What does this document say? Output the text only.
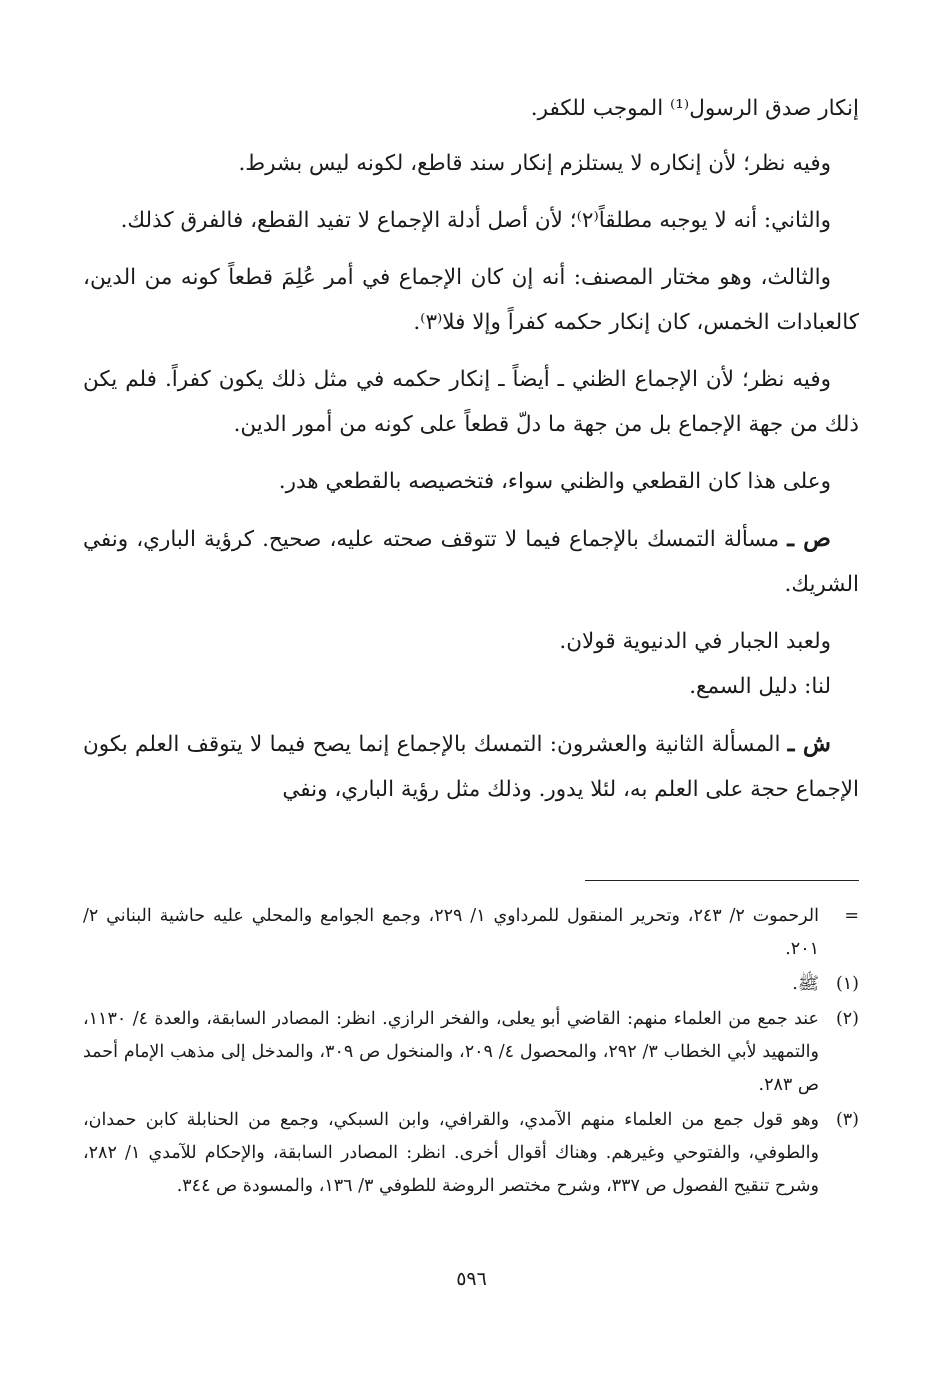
إنكار صدق الرسول⁽¹⁾ الموجب للكفر.

وفيه نظر؛ لأن إنكاره لا يستلزم إنكار سند قاطع، لكونه ليس بشرط.

والثاني: أنه لا يوجبه مطلقاً⁽٢⁾؛ لأن أصل أدلة الإجماع لا تفيد القطع، فالفرق كذلك.

والثالث، وهو مختار المصنف: أنه إن كان الإجماع في أمر عُلِمَ قطعاً كونه من الدين، كالعبادات الخمس، كان إنكار حكمه كفراً وإلا فلا⁽٣⁾.

وفيه نظر؛ لأن الإجماع الظني ـ أيضاً ـ إنكار حكمه في مثل ذلك يكون كفراً. فلم يكن ذلك من جهة الإجماع بل من جهة ما دلّ قطعاً على كونه من أمور الدين.

وعلى هذا كان القطعي والظني سواء، فتخصيصه بالقطعي هدر.

ص ـ مسألة التمسك بالإجماع فيما لا تتوقف صحته عليه، صحيح. كرؤية الباري، ونفي الشريك.

ولعبد الجبار في الدنيوية قولان.

لنا: دليل السمع.

ش ـ المسألة الثانية والعشرون: التمسك بالإجماع إنما يصح فيما لا يتوقف العلم بكون الإجماع حجة على العلم به، لئلا يدور. وذلك مثل رؤية الباري، ونفي

=
الرحموت ٢/ ٢٤٣، وتحرير المنقول للمرداوي ١/ ٢٢٩، وجمع الجوامع والمحلي عليه حاشية البناني ٢/ ٢٠١.
(١)
ﷺ.
(٢)
عند جمع من العلماء منهم: القاضي أبو يعلى، والفخر الرازي. انظر: المصادر السابقة، والعدة ٤/ ١١٣٠، والتمهيد لأبي الخطاب ٣/ ٢٩٢، والمحصول ٤/ ٢٠٩، والمنخول ص ٣٠٩، والمدخل إلى مذهب الإمام أحمد ص ٢٨٣.
(٣)
وهو قول جمع من العلماء منهم الآمدي، والقرافي، وابن السبكي، وجمع من الحنابلة كابن حمدان، والطوفي، والفتوحي وغيرهم. وهناك أقوال أخرى. انظر: المصادر السابقة، والإحكام للآمدي ١/ ٢٨٢، وشرح تنقيح الفصول ص ٣٣٧، وشرح مختصر الروضة للطوفي ٣/ ١٣٦، والمسودة ص ٣٤٤.
٥٩٦
